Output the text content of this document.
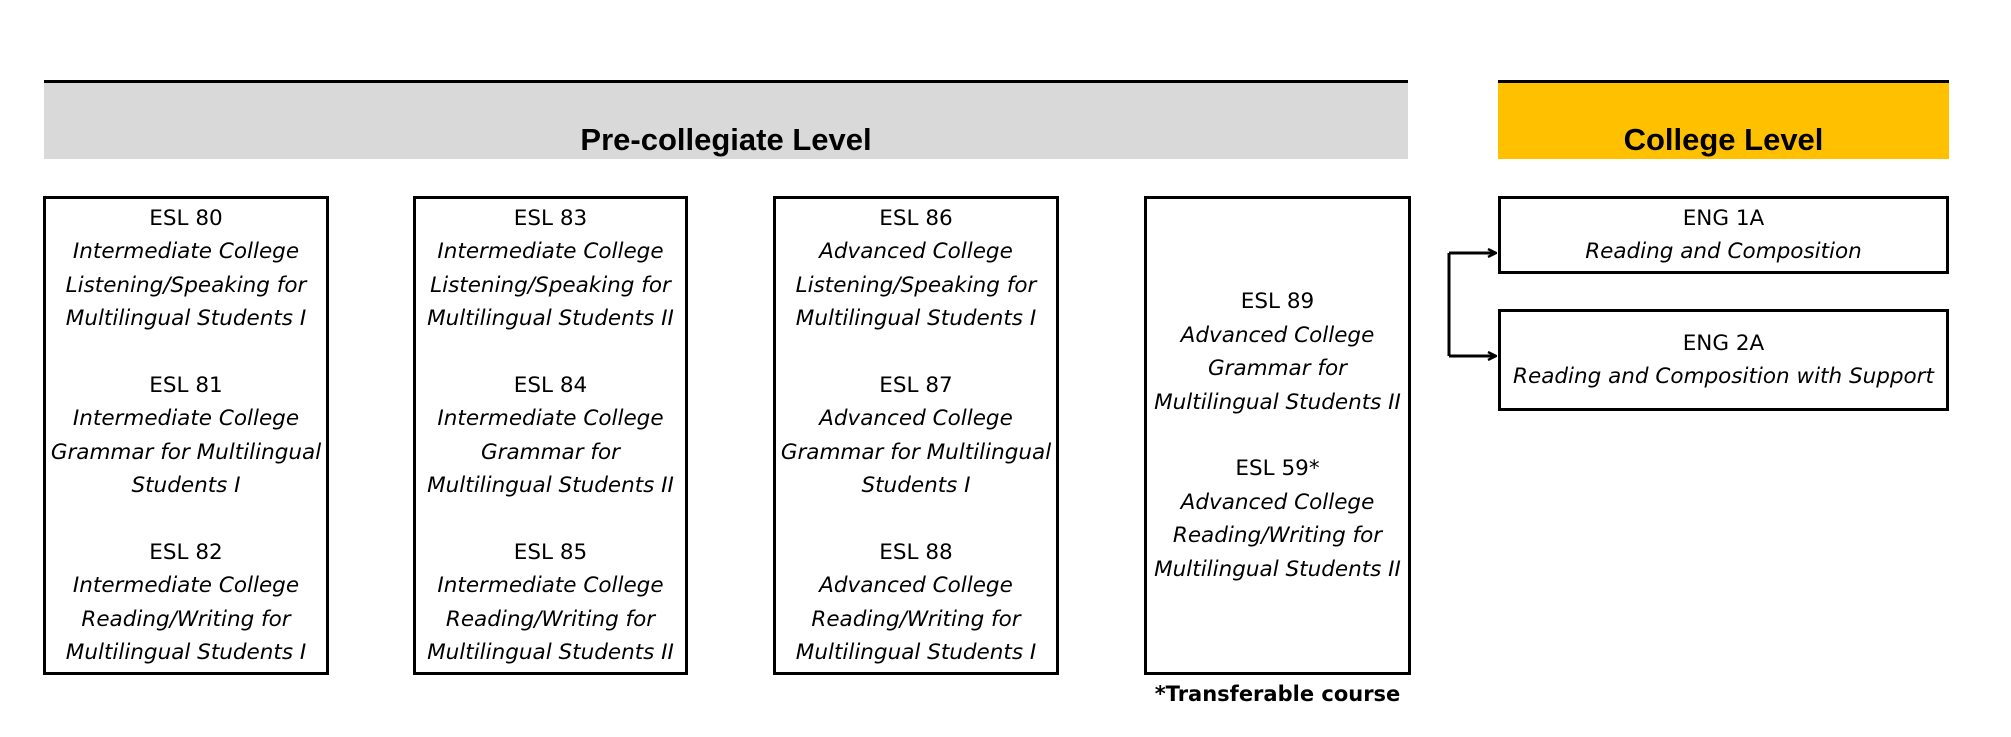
Pre-collegiate Level	College Level
ESL 80
Intermediate College
Listening/Speaking for
Multilingual Students I
ESL 81
Intermediate College
Grammar for Multilingual
Students I
ESL 82
Intermediate College
Reading/Writing for
Multilingual Students I
ESL 83
Intermediate College
Listening/Speaking for
Multilingual Students II
ESL 84
Intermediate College
Grammar for
Multilingual Students II
ESL 85
Intermediate College
Reading/Writing for
Multilingual Students II
ESL 86
Advanced College
Listening/Speaking for
Multilingual Students I
ESL 87
Advanced College
Grammar for Multilingual
Students I
ESL 88
Advanced College
Reading/Writing for
Multilingual Students I
ESL 89
Advanced College
Grammar for
Multilingual Students II
ESL 59*
Advanced College
Reading/Writing for
Multilingual Students II
ENG 1A
Reading and Composition
ENG 2A
Reading and Composition with Support
*Transferable course
